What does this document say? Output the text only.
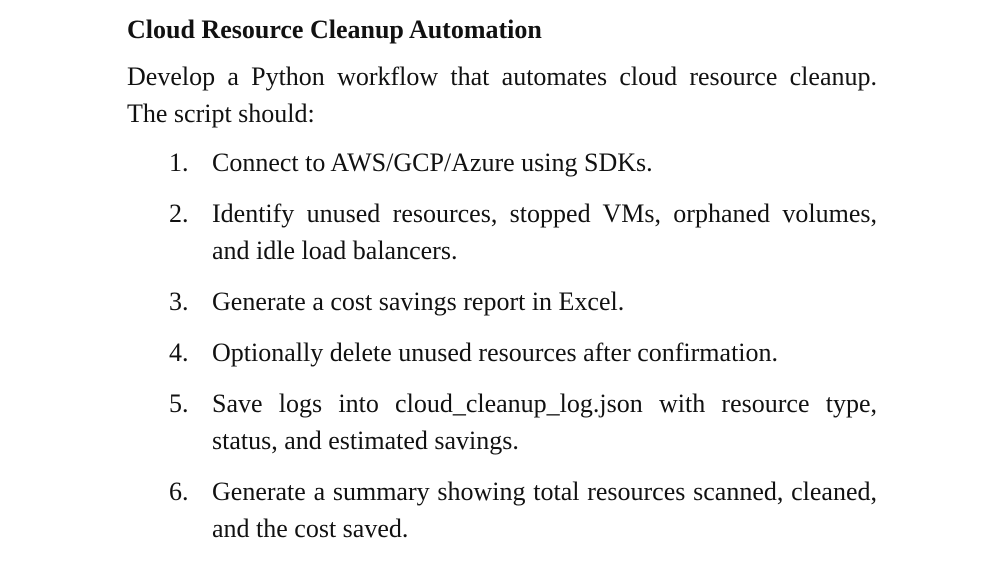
Cloud Resource Cleanup Automation

Develop a Python workflow that automates cloud resource cleanup. The script should:

1. Connect to AWS/GCP/Azure using SDKs.
2. Identify unused resources, stopped VMs, orphaned volumes, and idle load balancers.
3. Generate a cost savings report in Excel.
4. Optionally delete unused resources after confirmation.
5. Save logs into cloud_cleanup_log.json with resource type, status, and estimated savings.
6. Generate a summary showing total resources scanned, cleaned, and the cost saved.
